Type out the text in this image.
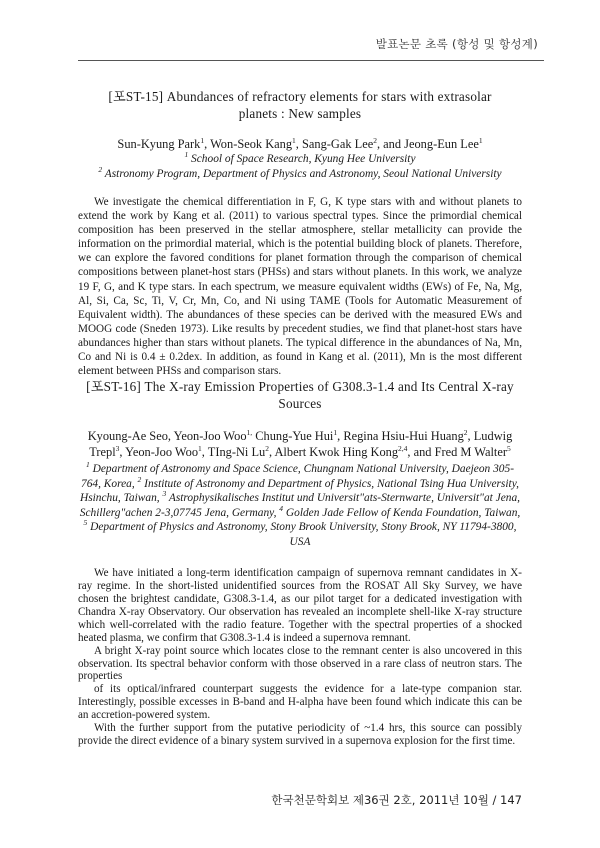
발표논문 초록 (항성 및 항성계)

[포ST-15] Abundances of refractory elements for stars with extrasolar planets : New samples

Sun-Kyung Park$^1$, Won-Seok Kang$^1$, Sang-Gak Lee$^2$, and Jeong-Eun Lee$^1$

$^1$ School of Space Research, Kyung Hee University

$^2$ Astronomy Program, Department of Physics and Astronomy, Seoul National University

We investigate the chemical differentiation in F, G, K type stars with and without planets to extend the work by Kang et al. (2011) to various spectral types. Since the primordial chemical composition has been preserved in the stellar atmosphere, stellar metallicity can provide the information on the primordial material, which is the potential building block of planets. Therefore, we can explore the favored conditions for planet formation through the comparison of chemical compositions between planet-host stars (PHSs) and stars without planets. In this work, we analyze 19 F, G, and K type stars. In each spectrum, we measure equivalent widths (EWs) of Fe, Na, Mg, Al, Si, Ca, Sc, Ti, V, Cr, Mn, Co, and Ni using TAME (Tools for Automatic Measurement of Equivalent width). The abundances of these species can be derived with the measured EWs and MOOG code (Sneden 1973). Like results by precedent studies, we find that planet-host stars have abundances higher than stars without planets. The typical difference in the abundances of Na, Mn, Co and Ni is 0.4 ± 0.2dex. In addition, as found in Kang et al. (2011), Mn is the most different element between PHSs and comparison stars.

[포ST-16] The X-ray Emission Properties of G308.3-1.4 and Its Central X-ray Sources

Kyoung-Ae Seo, Yeon-Joo Woo$^{1,}$ Chung-Yue Hui$^1$, Regina Hsiu-Hui Huang$^2$, Ludwig Trepl$^3$, Yeon-Joo Woo$^1$, TIng-Ni Lu$^2$, Albert Kwok Hing Kong$^{2,4}$, and Fred M Walter$^5$

$^1$ Department of Astronomy and Space Science, Chungnam National University, Daejeon 305-764, Korea, $^2$ Institute of Astronomy and Department of Physics, National Tsing Hua University, Hsinchu, Taiwan, $^3$ Astrophysikalisches Institut und Universit"ats-Sternwarte, Universit"at Jena, Schillerg"achen 2-3,07745 Jena, Germany, $^4$ Golden Jade Fellow of Kenda Foundation, Taiwan, $^5$ Department of Physics and Astronomy, Stony Brook University, Stony Brook, NY 11794-3800, USA

We have initiated a long-term identification campaign of supernova remnant candidates in X-ray regime. In the short-listed unidentified sources from the ROSAT All Sky Survey, we have chosen the brightest candidate, G308.3-1.4, as our pilot target for a dedicated investigation with Chandra X-ray Observatory. Our observation has revealed an incomplete shell-like X-ray structure which well-correlated with the radio feature. Together with the spectral properties of a shocked heated plasma, we confirm that G308.3-1.4 is indeed a supernova remnant.

A bright X-ray point source which locates close to the remnant center is also uncovered in this observation. Its spectral behavior conform with those observed in a rare class of neutron stars. The properties

of its optical/infrared counterpart suggests the evidence for a late-type companion star. Interestingly, possible excesses in B-band and H-alpha have been found which indicate this can be an accretion-powered system.

With the further support from the putative periodicity of ~1.4 hrs, this source can possibly provide the direct evidence of a binary system survived in a supernova explosion for the first time.

한국천문학회보 제36권 2호, 2011년 10월 / 147
